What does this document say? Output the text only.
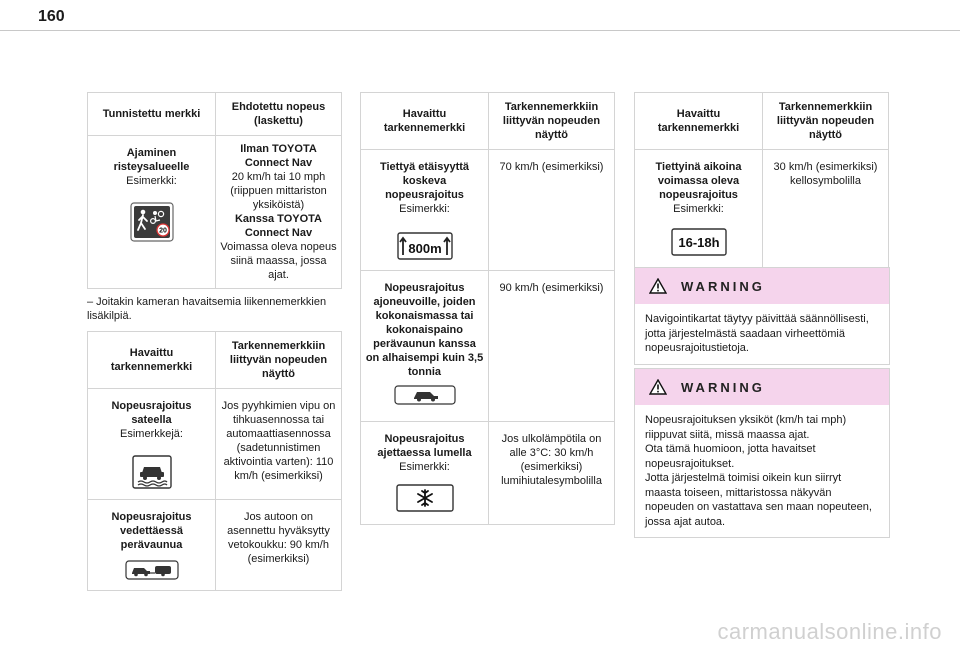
160
Tunnistettu merkki	Ehdotettu nopeus (laskettu)

Ajaminen risteysalueelle
Esimerkki:
20	Ilman TOYOTA Connect Nav
20 km/h tai 10 mph (riippuen mittariston yksiköistä)
Kanssa TOYOTA Connect Nav
Voimassa oleva nopeus siinä maassa, jossa ajat.
– Joitakin kameran havaitsemia liikennemerkkien lisäkilpiä.
Havaittu tarkennemerkki	Tarkennemerkkiin liittyvän nopeuden näyttö

Nopeusrajoitus sateella
Esimerkkejä:	Jos pyyhkimien vipu on tihkuasennossa tai automaattiasennossa (sadetunnistimen aktivointia varten): 110 km/h (esimerkiksi)

Nopeusrajoitus vedettäessä perävaunua	Jos autoon on asennettu hyväksytty vetokoukku: 90 km/h (esimerkiksi)
Havaittu tarkennemerkki	Tarkennemerkkiin liittyvän nopeuden näyttö

Tiettyä etäisyyttä koskeva nopeusrajoitus
Esimerkki:
800m	70 km/h (esimerkiksi)

Nopeusrajoitus ajoneuvoille, joiden kokonaismassa tai kokonaispaino perävaunun kanssa on alhaisempi kuin 3,5 tonnia	90 km/h (esimerkiksi)

Nopeusrajoitus ajettaessa lumella
Esimerkki:	Jos ulkolämpötila on alle 3°C: 30 km/h (esimerkiksi) lumihiutalesymbolilla
Havaittu tarkennemerkki	Tarkennemerkkiin liittyvän nopeuden näyttö

Tiettyinä aikoina voimassa oleva nopeusrajoitus
Esimerkki:
16-18h	30 km/h (esimerkiksi) kellosymbolilla
WARNING
Navigointikartat täytyy päivittää säännöllisesti, jotta järjestelmästä saadaan virheettömiä nopeusrajoitustietoja.
WARNING
Nopeusrajoituksen yksiköt (km/h tai mph) riippuvat siitä, missä maassa ajat.
Ota tämä huomioon, jotta havaitset nopeusrajoitukset.
Jotta järjestelmä toimisi oikein kun siirryt maasta toiseen, mittaristossa näkyvän nopeuden on vastattava sen maan nopeuteen, jossa ajat autoa.
carmanualsonline.info
